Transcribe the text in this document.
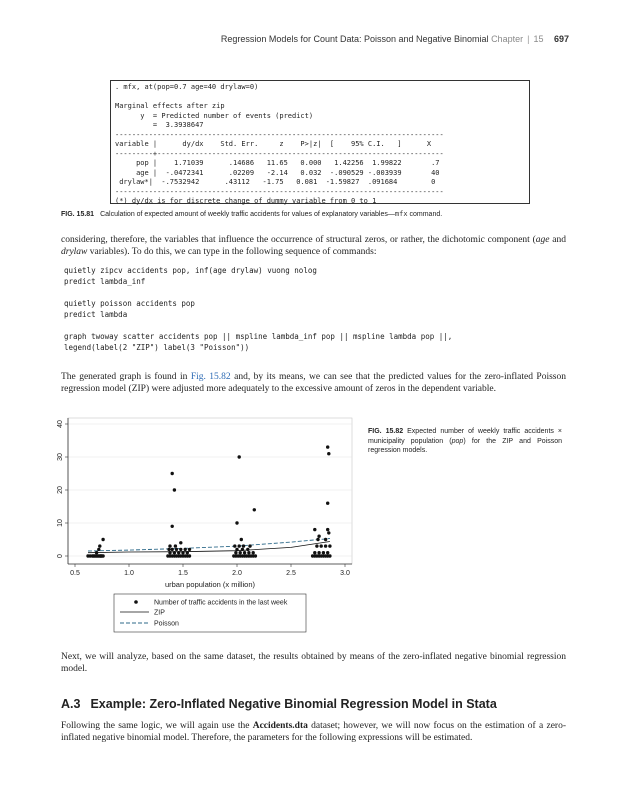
Regression Models for Count Data: Poisson and Negative Binomial Chapter | 15 697
. mfx, at(pop=0.7 age=40 drylaw=0)
Marginal effects after zip
y  = Predicted number of events (predict)
=  3.3938647
------------------------------------------------------------------------------
variable |      dy/dx    Std. Err.     z    P>|z|  [    95% C.I.   ]      X
---------+--------------------------------------------------------------------
pop |    1.71039      .14686   11.65   0.000   1.42256  1.99822       .7
age |  -.0472341      .02209   -2.14   0.032  -.090529 -.003939       40
drylaw*|  -.7532942      .43112   -1.75   0.081  -1.59827  .091684        0
------------------------------------------------------------------------------
(*) dy/dx is for discrete change of dummy variable from 0 to 1
FIG. 15.81 Calculation of expected amount of weekly traffic accidents for values of explanatory variables—mfx command.
considering, therefore, the variables that influence the occurrence of structural zeros, or rather, the dichotomic component (age and drylaw variables). To do this, we can type in the following sequence of commands:
quietly zipcv accidents pop, inf(age drylaw) vuong nolog
predict lambda_inf
quietly poisson accidents pop
predict lambda
graph twoway scatter accidents pop || mspline lambda_inf pop || mspline lambda pop ||,
legend(label(2 "ZIP") label(3 "Poisson"))
The generated graph is found in Fig. 15.82 and, by its means, we can see that the predicted values for the zero-inflated Poisson regression model (ZIP) were adjusted more adequately to the excessive amount of zeros in the dependent variable.
0
10
20
30
40
0.5	1.0	1.5	2.0	2.5	3.0
urban population (x million)
Number of traffic accidents in the last week
ZIP
Poisson
FIG. 15.82 Expected number of weekly traffic accidents × municipality population (pop) for the ZIP and Poisson regression models.
Next, we will analyze, based on the same dataset, the results obtained by means of the zero-inflated negative binomial regression model.
A.3 Example: Zero-Inflated Negative Binomial Regression Model in Stata
Following the same logic, we will again use the Accidents.dta dataset; however, we will now focus on the estimation of a zero-inflated negative binomial model. Therefore, the parameters for the following expressions will be estimated.
